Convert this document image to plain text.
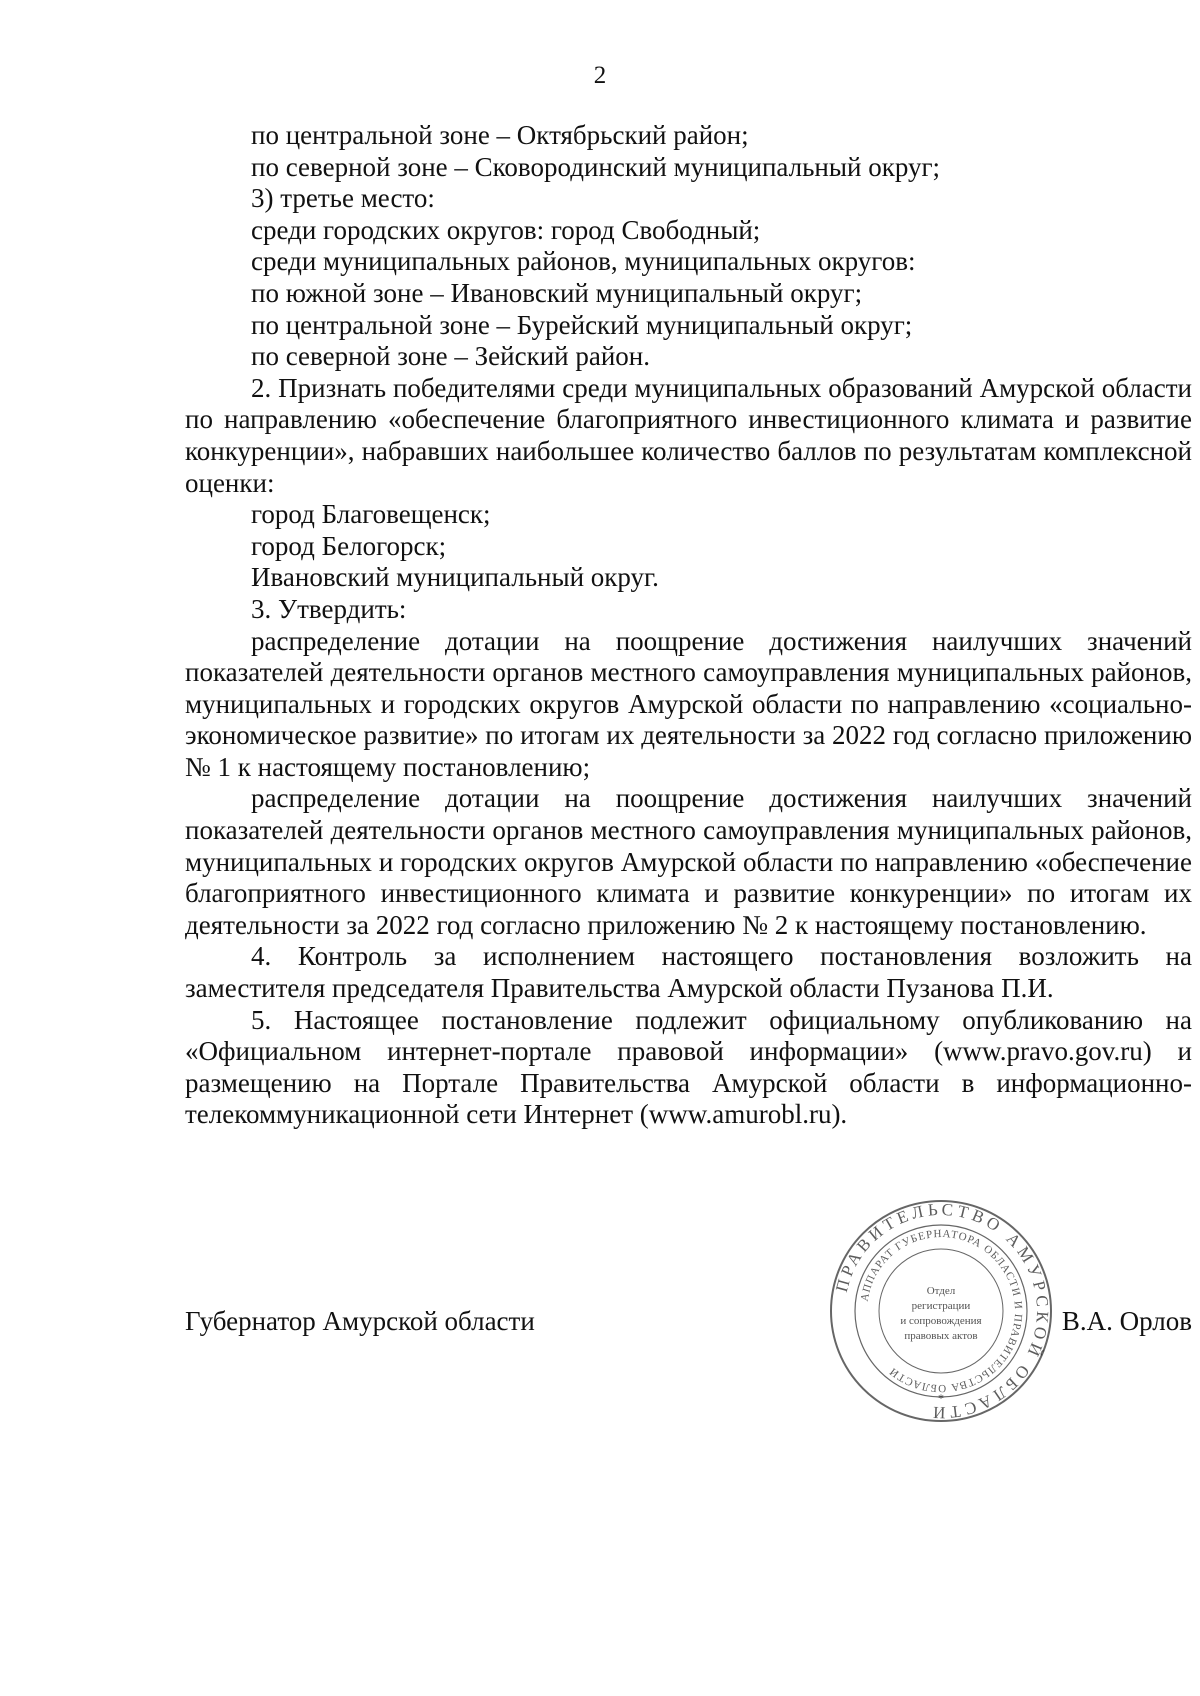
2

по центральной зоне – Октябрьский район;

по северной зоне – Сковородинский муниципальный округ;

3) третье место:

среди городских округов: город Свободный;

среди муниципальных районов, муниципальных округов:

по южной зоне – Ивановский муниципальный округ;

по центральной зоне – Бурейский муниципальный округ;

по северной зоне – Зейский район.

2. Признать победителями среди муниципальных образований Амурской области по направлению «обеспечение благоприятного инвестиционного климата и развитие конкуренции», набравших наибольшее количество баллов по результатам комплексной оценки:

город Благовещенск;

город Белогорск;

Ивановский муниципальный округ.

3. Утвердить:

распределение дотации на поощрение достижения наилучших значений показателей деятельности органов местного самоуправления муниципальных районов, муниципальных и городских округов Амурской области по направлению «социально-экономическое развитие» по итогам их деятельности за 2022 год согласно приложению № 1 к настоящему постановлению;

распределение дотации на поощрение достижения наилучших значений показателей деятельности органов местного самоуправления муниципальных районов, муниципальных и городских округов Амурской области по направлению «обеспечение благоприятного инвестиционного климата и развитие конкуренции» по итогам их деятельности за 2022 год согласно приложению № 2 к настоящему постановлению.

4. Контроль за исполнением настоящего постановления возложить на заместителя председателя Правительства Амурской области Пузанова П.И.

5. Настоящее постановление подлежит официальному опубликованию на «Официальном интернет-портале правовой информации» (www.pravo.gov.ru) и размещению на Портале Правительства Амурской области в информационно-телекоммуникационной сети Интернет (www.amurobl.ru).

Губернатор Амурской области	В.А. Орлов
ПРАВИТЕЛЬСТВО АМУРСКОЙ ОБЛАСТИ
АППАРАТ ГУБЕРНАТОРА ОБЛАСТИ И ПРАВИТЕЛЬСТВА ОБЛАСТИ
Отдел
регистрации
и сопровождения
правовых актов
*
